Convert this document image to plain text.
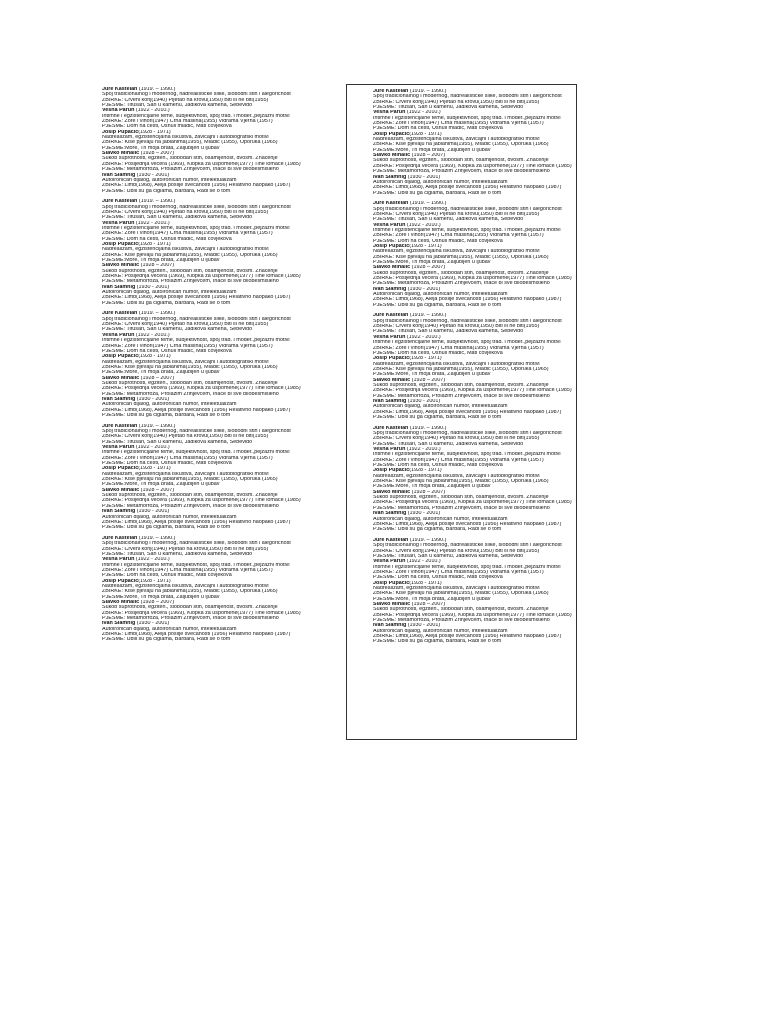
Jure Kaštelan (1919. – 1990.)
Spoj tradicionalnog i modernog, nadrealističke slike, slobodni stih i alegoričnost
ZBIRKE: Crveni konj(1940) Pijetao na krovu(1950) Biti ili ne biti(1955)
PJESME: Tifusari, San u kamenu, Jadikova kamena, Sebevido
Vesna Parun (1922 - 2010.)
Intimne i egzistencijalne teme, subjektivnost, spoj trad. i moder.,pejzažni motivi
ZBIRKE: Zore i vihori(1947) Crna maslina(1955) Vidrama Vjerna (1957)
PJESME: Dom na cesti, Usnuli mladić, Mati čovjekova
Josip Pupačić(1928 - 1971)
Nadrealizam, egzistencijalna iskustva, zavičajni i autobiografski motivi
ZBIRKE: Kiše pjevaju na jablanima(1955), Mladić (1955), Oporuka (1965)
PJESME:More, Tri moja brata, Zaljubljen u ljubav
Slavko Mihalić (1928 – 2007)
Sukob suprotnosti, egziten., slobodan stih, osamljenost, dvosm. Značenje
ZBIRKE: Posljednja večera (1969), Klopka za uspomene(1977) Tihe lomače (1985)
PJESME: Metamorfoza, Prolazim Zrinjevcem, Inače bi sve bilobesmisleno
Ivan Slamnig (1930 - 2001)
Autoironičan dijalog, autoironican humor, intelektualizam
ZBIRKE: Limb(1968), Aleja poslije svečanosti (1956) Relativno naopako (1987)
PJESME: Ubili su ga ciglama, Barbara, Radi se o tom
Jure Kaštelan (1919. – 1990.)
Spoj tradicionalnog i modernog, nadrealističke slike, slobodni stih i alegoričnost
ZBIRKE: Crveni konj(1940) Pijetao na krovu(1950) Biti ili ne biti(1955)
PJESME: Tifusari, San u kamenu, Jadikova kamena, Sebevido
Vesna Parun (1922 - 2010.)
Intimne i egzistencijalne teme, subjektivnost, spoj trad. i moder.,pejzažni motivi
ZBIRKE: Zore i vihori(1947) Crna maslina(1955) Vidrama Vjerna (1957)
PJESME: Dom na cesti, Usnuli mladić, Mati čovjekova
Josip Pupačić(1928 - 1971)
Nadrealizam, egzistencijalna iskustva, zavičajni i autobiografski motivi
ZBIRKE: Kiše pjevaju na jablanima(1955), Mladić (1955), Oporuka (1965)
PJESME:More, Tri moja brata, Zaljubljen u ljubav
Slavko Mihalić (1928 – 2007)
Sukob suprotnosti, egziten., slobodan stih, osamljenost, dvosm. Značenje
ZBIRKE: Posljednja večera (1969), Klopka za uspomene(1977) Tihe lomače (1985)
PJESME: Metamorfoza, Prolazim Zrinjevcem, Inače bi sve bilobesmisleno
Ivan Slamnig (1930 - 2001)
Autoironičan dijalog, autoironican humor, intelektualizam
ZBIRKE: Limb(1968), Aleja poslije svečanosti (1956) Relativno naopako (1987)
PJESME: Ubili su ga ciglama, Barbara, Radi se o tom
Jure Kaštelan (1919. – 1990.)
Spoj tradicionalnog i modernog, nadrealističke slike, slobodni stih i alegoričnost
ZBIRKE: Crveni konj(1940) Pijetao na krovu(1950) Biti ili ne biti(1955)
PJESME: Tifusari, San u kamenu, Jadikova kamena, Sebevido
Vesna Parun (1922 - 2010.)
Intimne i egzistencijalne teme, subjektivnost, spoj trad. i moder.,pejzažni motivi
ZBIRKE: Zore i vihori(1947) Crna maslina(1955) Vidrama Vjerna (1957)
PJESME: Dom na cesti, Usnuli mladić, Mati čovjekova
Josip Pupačić(1928 - 1971)
Nadrealizam, egzistencijalna iskustva, zavičajni i autobiografski motivi
ZBIRKE: Kiše pjevaju na jablanima(1955), Mladić (1955), Oporuka (1965)
PJESME:More, Tri moja brata, Zaljubljen u ljubav
Slavko Mihalić (1928 – 2007)
Sukob suprotnosti, egziten., slobodan stih, osamljenost, dvosm. Značenje
ZBIRKE: Posljednja večera (1969), Klopka za uspomene(1977) Tihe lomače (1985)
PJESME: Metamorfoza, Prolazim Zrinjevcem, Inače bi sve bilobesmisleno
Ivan Slamnig (1930 - 2001)
Autoironičan dijalog, autoironican humor, intelektualizam
ZBIRKE: Limb(1968), Aleja poslije svečanosti (1956) Relativno naopako (1987)
PJESME: Ubili su ga ciglama, Barbara, Radi se o tom
Jure Kaštelan (1919. – 1990.)
Spoj tradicionalnog i modernog, nadrealističke slike, slobodni stih i alegoričnost
ZBIRKE: Crveni konj(1940) Pijetao na krovu(1950) Biti ili ne biti(1955)
PJESME: Tifusari, San u kamenu, Jadikova kamena, Sebevido
Vesna Parun (1922 - 2010.)
Intimne i egzistencijalne teme, subjektivnost, spoj trad. i moder.,pejzažni motivi
ZBIRKE: Zore i vihori(1947) Crna maslina(1955) Vidrama Vjerna (1957)
PJESME: Dom na cesti, Usnuli mladić, Mati čovjekova
Josip Pupačić(1928 - 1971)
Nadrealizam, egzistencijalna iskustva, zavičajni i autobiografski motivi
ZBIRKE: Kiše pjevaju na jablanima(1955), Mladić (1955), Oporuka (1965)
PJESME:More, Tri moja brata, Zaljubljen u ljubav
Slavko Mihalić (1928 – 2007)
Sukob suprotnosti, egziten., slobodan stih, osamljenost, dvosm. Značenje
ZBIRKE: Posljednja večera (1969), Klopka za uspomene(1977) Tihe lomače (1985)
PJESME: Metamorfoza, Prolazim Zrinjevcem, Inače bi sve bilobesmisleno
Ivan Slamnig (1930 - 2001)
Autoironičan dijalog, autoironican humor, intelektualizam
ZBIRKE: Limb(1968), Aleja poslije svečanosti (1956) Relativno naopako (1987)
PJESME: Ubili su ga ciglama, Barbara, Radi se o tom
Jure Kaštelan (1919. – 1990.)
Spoj tradicionalnog i modernog, nadrealističke slike, slobodni stih i alegoričnost
ZBIRKE: Crveni konj(1940) Pijetao na krovu(1950) Biti ili ne biti(1955)
PJESME: Tifusari, San u kamenu, Jadikova kamena, Sebevido
Vesna Parun (1922 - 2010.)
Intimne i egzistencijalne teme, subjektivnost, spoj trad. i moder.,pejzažni motivi
ZBIRKE: Zore i vihori(1947) Crna maslina(1955) Vidrama Vjerna (1957)
PJESME: Dom na cesti, Usnuli mladić, Mati čovjekova
Josip Pupačić(1928 - 1971)
Nadrealizam, egzistencijalna iskustva, zavičajni i autobiografski motivi
ZBIRKE: Kiše pjevaju na jablanima(1955), Mladić (1955), Oporuka (1965)
PJESME:More, Tri moja brata, Zaljubljen u ljubav
Slavko Mihalić (1928 – 2007)
Sukob suprotnosti, egziten., slobodan stih, osamljenost, dvosm. Značenje
ZBIRKE: Posljednja večera (1969), Klopka za uspomene(1977) Tihe lomače (1985)
PJESME: Metamorfoza, Prolazim Zrinjevcem, Inače bi sve bilobesmisleno
Ivan Slamnig (1930 - 2001)
Autoironičan dijalog, autoironican humor, intelektualizam
ZBIRKE: Limb(1968), Aleja poslije svečanosti (1956) Relativno naopako (1987)
PJESME: Ubili su ga ciglama, Barbara, Radi se o tom
Jure Kaštelan (1919. – 1990.)
Spoj tradicionalnog i modernog, nadrealističke slike, slobodni stih i alegoričnost
ZBIRKE: Crveni konj(1940) Pijetao na krovu(1950) Biti ili ne biti(1955)
PJESME: Tifusari, San u kamenu, Jadikova kamena, Sebevido
Vesna Parun (1922 - 2010.)
Intimne i egzistencijalne teme, subjektivnost, spoj trad. i moder.,pejzažni motivi
ZBIRKE: Zore i vihori(1947) Crna maslina(1955) Vidrama Vjerna (1957)
PJESME: Dom na cesti, Usnuli mladić, Mati čovjekova
Josip Pupačić(1928 - 1971)
Nadrealizam, egzistencijalna iskustva, zavičajni i autobiografski motivi
ZBIRKE: Kiše pjevaju na jablanima(1955), Mladić (1955), Oporuka (1965)
PJESME:More, Tri moja brata, Zaljubljen u ljubav
Slavko Mihalić (1928 – 2007)
Sukob suprotnosti, egziten., slobodan stih, osamljenost, dvosm. Značenje
ZBIRKE: Posljednja večera (1969), Klopka za uspomene(1977) Tihe lomače (1985)
PJESME: Metamorfoza, Prolazim Zrinjevcem, Inače bi sve bilobesmisleno
Ivan Slamnig (1930 - 2001)
Autoironičan dijalog, autoironican humor, intelektualizam
ZBIRKE: Limb(1968), Aleja poslije svečanosti (1956) Relativno naopako (1987)
PJESME: Ubili su ga ciglama, Barbara, Radi se o tom
Jure Kaštelan (1919. – 1990.)
Spoj tradicionalnog i modernog, nadrealističke slike, slobodni stih i alegoričnost
ZBIRKE: Crveni konj(1940) Pijetao na krovu(1950) Biti ili ne biti(1955)
PJESME: Tifusari, San u kamenu, Jadikova kamena, Sebevido
Vesna Parun (1922 - 2010.)
Intimne i egzistencijalne teme, subjektivnost, spoj trad. i moder.,pejzažni motivi
ZBIRKE: Zore i vihori(1947) Crna maslina(1955) Vidrama Vjerna (1957)
PJESME: Dom na cesti, Usnuli mladić, Mati čovjekova
Josip Pupačić(1928 - 1971)
Nadrealizam, egzistencijalna iskustva, zavičajni i autobiografski motivi
ZBIRKE: Kiše pjevaju na jablanima(1955), Mladić (1955), Oporuka (1965)
PJESME:More, Tri moja brata, Zaljubljen u ljubav
Slavko Mihalić (1928 – 2007)
Sukob suprotnosti, egziten., slobodan stih, osamljenost, dvosm. Značenje
ZBIRKE: Posljednja večera (1969), Klopka za uspomene(1977) Tihe lomače (1985)
PJESME: Metamorfoza, Prolazim Zrinjevcem, Inače bi sve bilobesmisleno
Ivan Slamnig (1930 - 2001)
Autoironičan dijalog, autoironican humor, intelektualizam
ZBIRKE: Limb(1968), Aleja poslije svečanosti (1956) Relativno naopako (1987)
PJESME: Ubili su ga ciglama, Barbara, Radi se o tom
Jure Kaštelan (1919. – 1990.)
Spoj tradicionalnog i modernog, nadrealističke slike, slobodni stih i alegoričnost
ZBIRKE: Crveni konj(1940) Pijetao na krovu(1950) Biti ili ne biti(1955)
PJESME: Tifusari, San u kamenu, Jadikova kamena, Sebevido
Vesna Parun (1922 - 2010.)
Intimne i egzistencijalne teme, subjektivnost, spoj trad. i moder.,pejzažni motivi
ZBIRKE: Zore i vihori(1947) Crna maslina(1955) Vidrama Vjerna (1957)
PJESME: Dom na cesti, Usnuli mladić, Mati čovjekova
Josip Pupačić(1928 - 1971)
Nadrealizam, egzistencijalna iskustva, zavičajni i autobiografski motivi
ZBIRKE: Kiše pjevaju na jablanima(1955), Mladić (1955), Oporuka (1965)
PJESME:More, Tri moja brata, Zaljubljen u ljubav
Slavko Mihalić (1928 – 2007)
Sukob suprotnosti, egziten., slobodan stih, osamljenost, dvosm. Značenje
ZBIRKE: Posljednja večera (1969), Klopka za uspomene(1977) Tihe lomače (1985)
PJESME: Metamorfoza, Prolazim Zrinjevcem, Inače bi sve bilobesmisleno
Ivan Slamnig (1930 - 2001)
Autoironičan dijalog, autoironican humor, intelektualizam
ZBIRKE: Limb(1968), Aleja poslije svečanosti (1956) Relativno naopako (1987)
PJESME: Ubili su ga ciglama, Barbara, Radi se o tom
Jure Kaštelan (1919. – 1990.)
Spoj tradicionalnog i modernog, nadrealističke slike, slobodni stih i alegoričnost
ZBIRKE: Crveni konj(1940) Pijetao na krovu(1950) Biti ili ne biti(1955)
PJESME: Tifusari, San u kamenu, Jadikova kamena, Sebevido
Vesna Parun (1922 - 2010.)
Intimne i egzistencijalne teme, subjektivnost, spoj trad. i moder.,pejzažni motivi
ZBIRKE: Zore i vihori(1947) Crna maslina(1955) Vidrama Vjerna (1957)
PJESME: Dom na cesti, Usnuli mladić, Mati čovjekova
Josip Pupačić(1928 - 1971)
Nadrealizam, egzistencijalna iskustva, zavičajni i autobiografski motivi
ZBIRKE: Kiše pjevaju na jablanima(1955), Mladić (1955), Oporuka (1965)
PJESME:More, Tri moja brata, Zaljubljen u ljubav
Slavko Mihalić (1928 – 2007)
Sukob suprotnosti, egziten., slobodan stih, osamljenost, dvosm. Značenje
ZBIRKE: Posljednja večera (1969), Klopka za uspomene(1977) Tihe lomače (1985)
PJESME: Metamorfoza, Prolazim Zrinjevcem, Inače bi sve bilobesmisleno
Ivan Slamnig (1930 - 2001)
Autoironičan dijalog, autoironican humor, intelektualizam
ZBIRKE: Limb(1968), Aleja poslije svečanosti (1956) Relativno naopako (1987)
PJESME: Ubili su ga ciglama, Barbara, Radi se o tom
Jure Kaštelan (1919. – 1990.)
Spoj tradicionalnog i modernog, nadrealističke slike, slobodni stih i alegoričnost
ZBIRKE: Crveni konj(1940) Pijetao na krovu(1950) Biti ili ne biti(1955)
PJESME: Tifusari, San u kamenu, Jadikova kamena, Sebevido
Vesna Parun (1922 - 2010.)
Intimne i egzistencijalne teme, subjektivnost, spoj trad. i moder.,pejzažni motivi
ZBIRKE: Zore i vihori(1947) Crna maslina(1955) Vidrama Vjerna (1957)
PJESME: Dom na cesti, Usnuli mladić, Mati čovjekova
Josip Pupačić(1928 - 1971)
Nadrealizam, egzistencijalna iskustva, zavičajni i autobiografski motivi
ZBIRKE: Kiše pjevaju na jablanima(1955), Mladić (1955), Oporuka (1965)
PJESME:More, Tri moja brata, Zaljubljen u ljubav
Slavko Mihalić (1928 – 2007)
Sukob suprotnosti, egziten., slobodan stih, osamljenost, dvosm. Značenje
ZBIRKE: Posljednja večera (1969), Klopka za uspomene(1977) Tihe lomače (1985)
PJESME: Metamorfoza, Prolazim Zrinjevcem, Inače bi sve bilobesmisleno
Ivan Slamnig (1930 - 2001)
Autoironičan dijalog, autoironican humor, intelektualizam
ZBIRKE: Limb(1968), Aleja poslije svečanosti (1956) Relativno naopako (1987)
PJESME: Ubili su ga ciglama, Barbara, Radi se o tom
